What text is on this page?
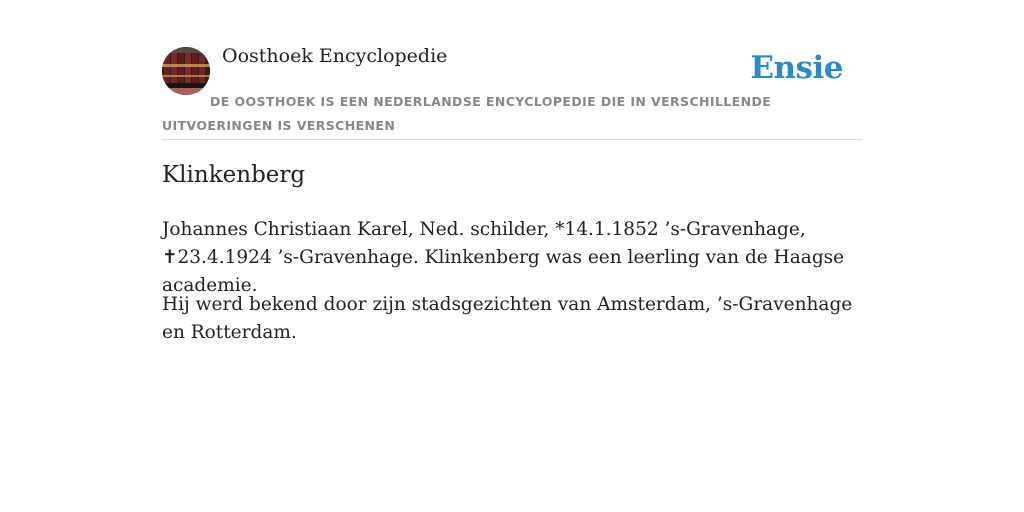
Oosthoek Encyclopedie	Ensie
DE OOSTHOEK IS EEN NEDERLANDSE ENCYCLOPEDIE DIE IN VERSCHILLENDE UITVOERINGEN IS VERSCHENEN
Klinkenberg

Johannes Christiaan Karel, Ned. schilder, *14.1.1852 ’s-Gravenhage, ✝23.4.1924 ’s-Gravenhage. Klinkenberg was een leerling van de Haagse academie.

Hij werd bekend door zijn stadsgezichten van Amsterdam, ’s-Gravenhage en Rotterdam.
